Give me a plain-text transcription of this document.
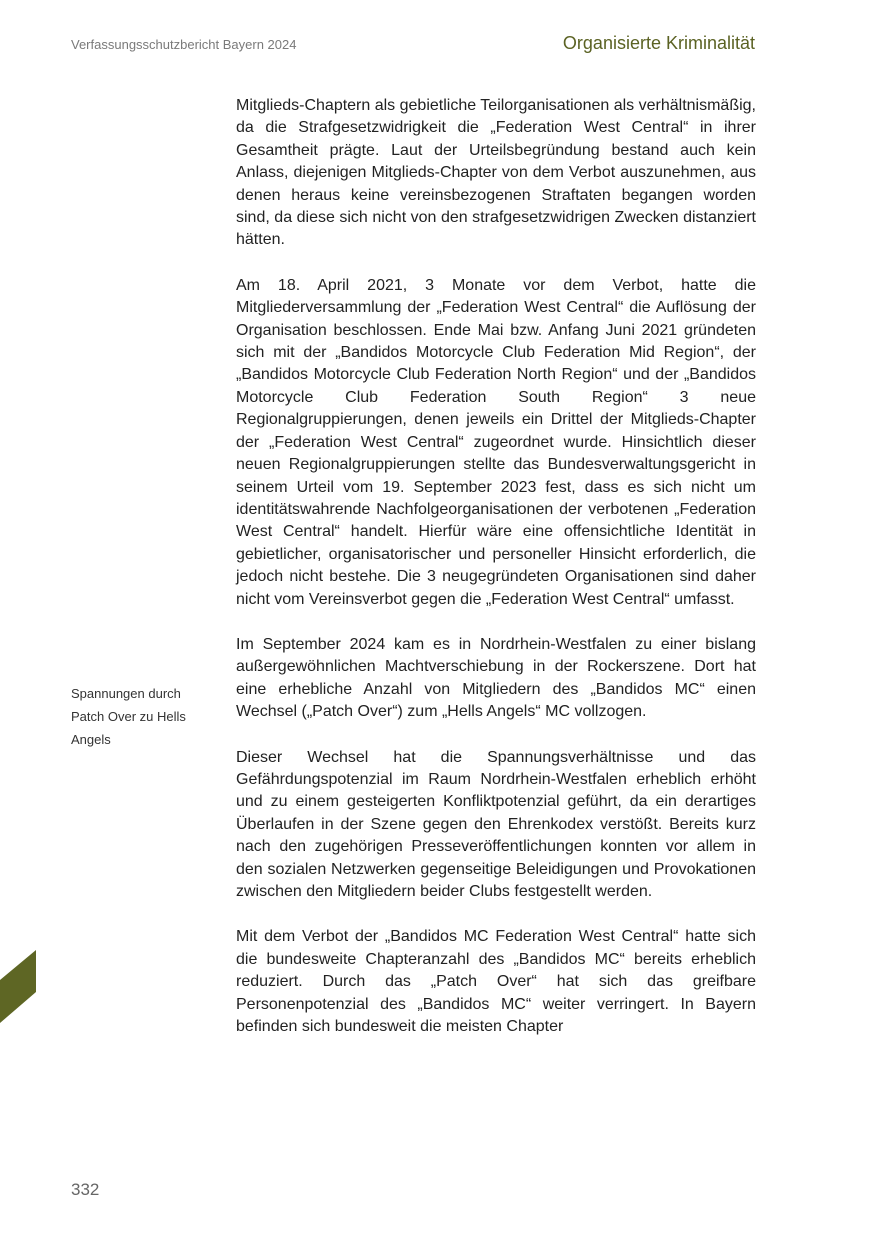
Verfassungsschutzbericht Bayern 2024	Organisierte Kriminalität
Spannungen durch Patch Over zu Hells Angels

Mitglieds-Chaptern als gebietliche Teilorganisationen als verhältnismäßig, da die Strafgesetzwidrigkeit die „Federation West Central“ in ihrer Gesamtheit prägte. Laut der Urteilsbegründung bestand auch kein Anlass, diejenigen Mitglieds-Chapter von dem Verbot auszunehmen, aus denen heraus keine vereinsbezogenen Straftaten begangen worden sind, da diese sich nicht von den strafgesetzwidrigen Zwecken distanziert hätten.

Am 18. April 2021, 3 Monate vor dem Verbot, hatte die Mitgliederversammlung der „Federation West Central“ die Auflösung der Organisation beschlossen. Ende Mai bzw. Anfang Juni 2021 gründeten sich mit der „Bandidos Motorcycle Club Federation Mid Region“, der „Bandidos Motorcycle Club Federation North Region“ und der „Bandidos Motorcycle Club Federation South Region“ 3 neue Regionalgruppierungen, denen jeweils ein Drittel der Mitglieds-Chapter der „Federation West Central“ zugeordnet wurde. Hinsichtlich dieser neuen Regionalgruppierungen stellte das Bundesverwaltungsgericht in seinem Urteil vom 19. September 2023 fest, dass es sich nicht um identitätswahrende Nachfolgeorganisationen der verbotenen „Federation West Central“ handelt. Hierfür wäre eine offensichtliche Identität in gebietlicher, organisatorischer und personeller Hinsicht erforderlich, die jedoch nicht bestehe. Die 3 neugegründeten Organisationen sind daher nicht vom Vereinsverbot gegen die „Federation West Central“ umfasst.

Im September 2024 kam es in Nordrhein-Westfalen zu einer bislang außergewöhnlichen Machtverschiebung in der Rockerszene. Dort hat eine erhebliche Anzahl von Mitgliedern des „Bandidos MC“ einen Wechsel („Patch Over“) zum „Hells Angels“ MC vollzogen.

Dieser Wechsel hat die Spannungsverhältnisse und das Gefährdungspotenzial im Raum Nordrhein-Westfalen erheblich erhöht und zu einem gesteigerten Konfliktpotenzial geführt, da ein derartiges Überlaufen in der Szene gegen den Ehrenkodex verstößt. Bereits kurz nach den zugehörigen Presseveröffentlichungen konnten vor allem in den sozialen Netzwerken gegenseitige Beleidigungen und Provokationen zwischen den Mitgliedern beider Clubs festgestellt werden.

Mit dem Verbot der „Bandidos MC Federation West Central“ hatte sich die bundesweite Chapteranzahl des „Bandidos MC“ bereits erheblich reduziert. Durch das „Patch Over“ hat sich das greifbare Personenpotenzial des „Bandidos MC“ weiter verringert. In Bayern befinden sich bundesweit die meisten Chapter

332
